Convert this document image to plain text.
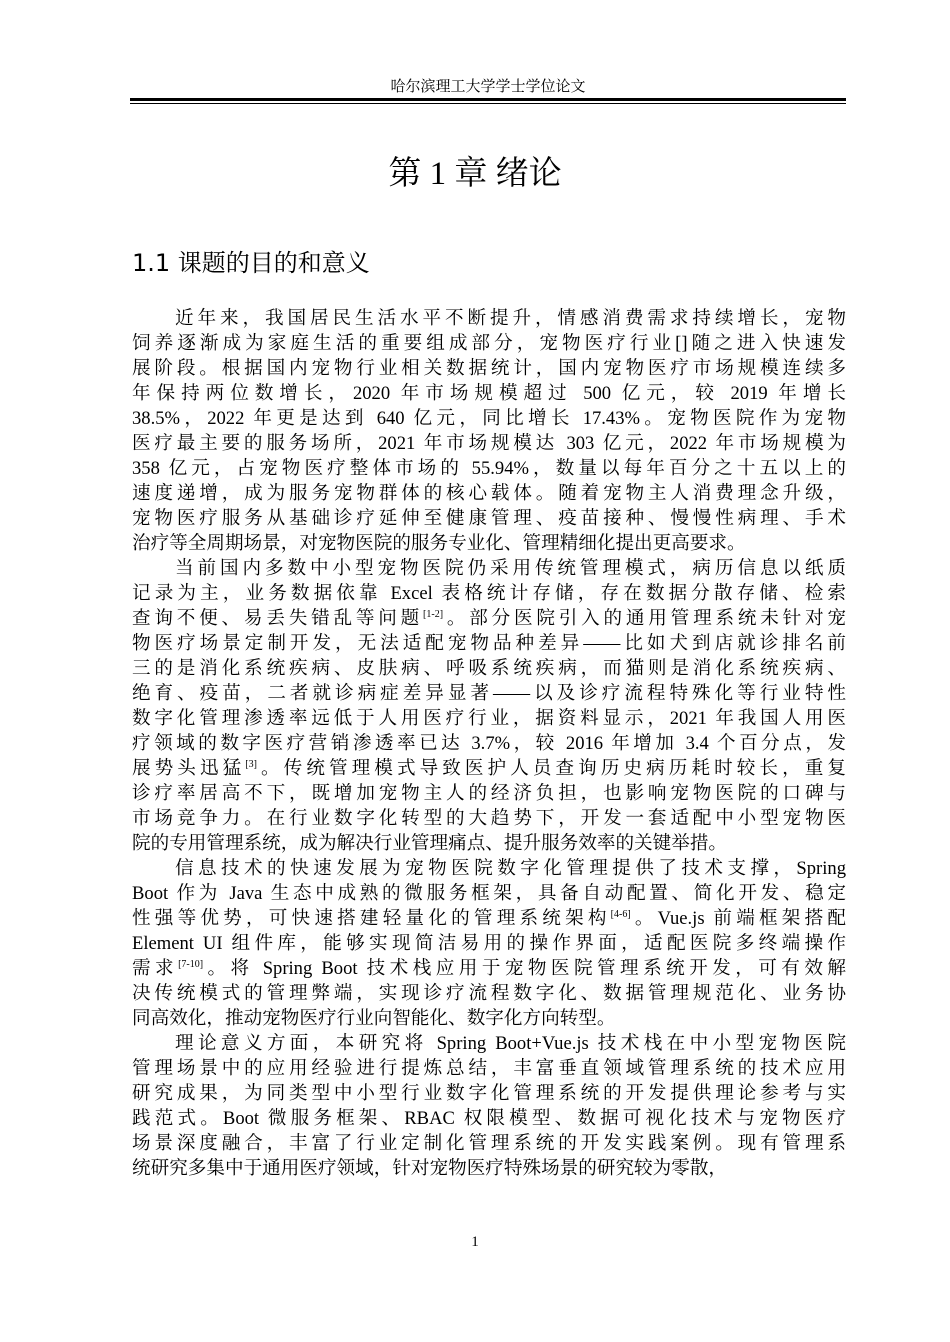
哈尔滨理工大学学士学位论文
第 1 章 绪论
1.1 课题的目的和意义

近年来，我国居民生活水平不断提升，情感消费需求持续增长，宠物
饲养逐渐成为家庭生活的重要组成部分，宠物医疗行业[]随之进入快速发
展阶段。根据国内宠物行业相关数据统计，国内宠物医疗市场规模连续多
年保持两位数增长，2020 年市场规模超过 500 亿元，较 2019 年增长
38.5%，2022 年更是达到 640 亿元，同比增长 17.43%。宠物医院作为宠物
医疗最主要的服务场所，2021 年市场规模达 303 亿元，2022 年市场规模为
358 亿元，占宠物医疗整体市场的 55.94%，数量以每年百分之十五以上的
速度递增，成为服务宠物群体的核心载体。随着宠物主人消费理念升级，
宠物医疗服务从基础诊疗延伸至健康管理、疫苗接种、慢慢性病理、手术
治疗等全周期场景，对宠物医院的服务专业化、管理精细化提出更高要求。

当前国内多数中小型宠物医院仍采用传统管理模式，病历信息以纸质
记录为主，业务数据依靠 Excel 表格统计存储，存在数据分散存储、检索
查询不便、易丢失错乱等问题[1-2]。部分医院引入的通用管理系统未针对宠
物医疗场景定制开发，无法适配宠物品种差异——比如犬到店就诊排名前
三的是消化系统疾病、皮肤病、呼吸系统疾病，而猫则是消化系统疾病、
绝育、疫苗，二者就诊病症差异显著——以及诊疗流程特殊化等行业特性
数字化管理渗透率远低于人用医疗行业，据资料显示，2021 年我国人用医
疗领域的数字医疗营销渗透率已达 3.7%，较 2016 年增加 3.4 个百分点，发
展势头迅猛[3]。传统管理模式导致医护人员查询历史病历耗时较长，重复
诊疗率居高不下，既增加宠物主人的经济负担，也影响宠物医院的口碑与
市场竞争力。在行业数字化转型的大趋势下，开发一套适配中小型宠物医
院的专用管理系统，成为解决行业管理痛点、提升服务效率的关键举措。

信息技术的快速发展为宠物医院数字化管理提供了技术支撑，Spring
Boot 作为 Java 生态中成熟的微服务框架，具备自动配置、简化开发、稳定
性强等优势，可快速搭建轻量化的管理系统架构[4-6]。Vue.js 前端框架搭配
Element UI 组件库，能够实现简洁易用的操作界面，适配医院多终端操作
需求[7-10]。将 Spring Boot 技术栈应用于宠物医院管理系统开发，可有效解
决传统模式的管理弊端，实现诊疗流程数字化、数据管理规范化、业务协
同高效化，推动宠物医疗行业向智能化、数字化方向转型。

理论意义方面，本研究将 Spring Boot+Vue.js 技术栈在中小型宠物医院
管理场景中的应用经验进行提炼总结，丰富垂直领域管理系统的技术应用
研究成果，为同类型中小型行业数字化管理系统的开发提供理论参考与实
践范式。Boot 微服务框架、RBAC 权限模型、数据可视化技术与宠物医疗
场景深度融合，丰富了行业定制化管理系统的开发实践案例。现有管理系
统研究多集中于通用医疗领域，针对宠物医疗特殊场景的研究较为零散，

1
